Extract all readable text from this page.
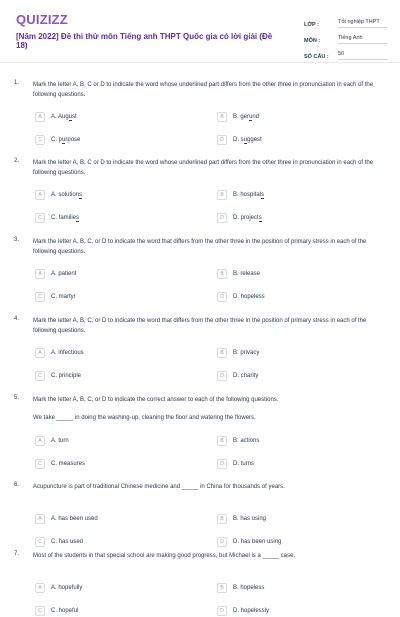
QUIZIZZ
[Năm 2022] Đề thi thử môn Tiếng anh THPT Quốc gia có lời giải (Đề 18)
LỚP :	Tốt nghiệp THPT
MÔN :	Tiếng Anh
SỐ CÂU :	50
1. Mark the letter A, B, C or D to indicate the word whose underlined part differs from the other three in pronunciation in each of the following questions.
A	A. August	B	B. gerund
C	C. purpose	D	D. suggest
2. Mark the letter A, B, C or D to indicate the word whose underlined part differs from the other three in pronunciation in each of the following questions.
A	A. solutions	B	B. hospitals
C	C. families	D	D. projects
3. Mark the letter A, B, C, or D to indicate the word that differs from the other three in the position of primary stress in each of the following questions.
A	A. patient	B	B. release
C	C. martyr	D	D. hopeless
4. Mark the letter A, B, C, or D to indicate the word that differs from the other three in the position of primary stress in each of the following questions.
A	A. infectious	B	B. privacy
C	C. principle	D	D. charity
5. Mark the letter A, B, C, or D to indicate the correct answer to each of the following questions.
We take _____ in doing the washing-up, cleaning the floor and watering the flowers.
A	A. turn	B	B. actions
C	C. measures	D	D. turns
6. Acupuncture is part of traditional Chinese medicine and _____ in China for thousands of years.
A	A. has been used	B	B. has using
C	C. has used	D	D. has been using
7. Most of the students in that special school are making good progress, but Michael is a _____ case.
A	A. hopefully	B	B. hopeless
C	C. hopeful	D	D. hopelessly
